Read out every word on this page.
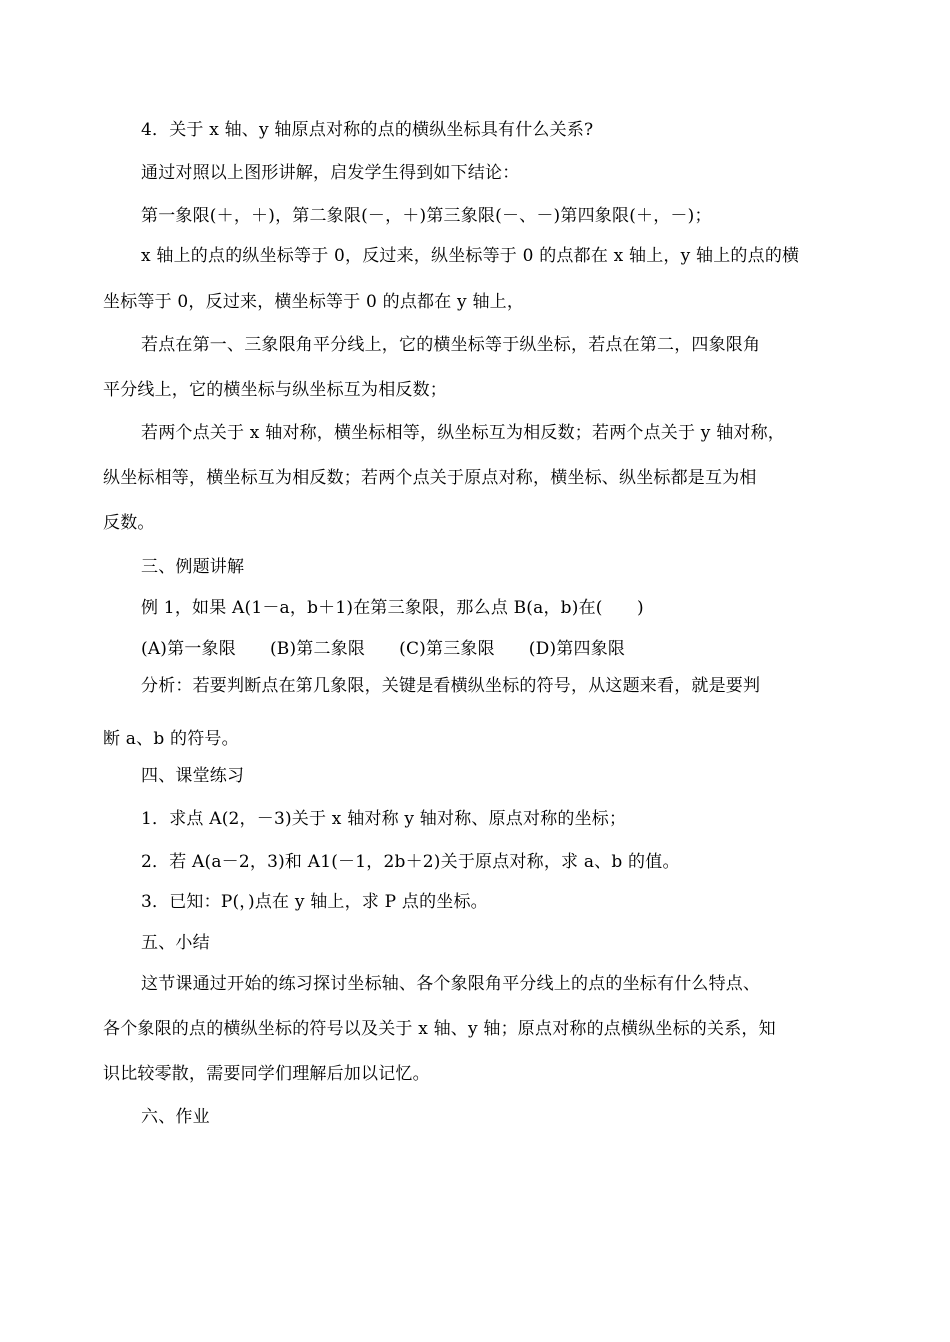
4．关于 x 轴、y 轴原点对称的点的横纵坐标具有什么关系?
通过对照以上图形讲解，启发学生得到如下结论：
第一象限(＋，＋)，第二象限(－，＋)第三象限(－、－)第四象限(＋，－)；
x 轴上的点的纵坐标等于 0，反过来，纵坐标等于 0 的点都在 x 轴上，y 轴上的点的横
坐标等于 0，反过来，横坐标等于 0 的点都在 y 轴上，
若点在第一、三象限角平分线上，它的横坐标等于纵坐标，若点在第二，四象限角
平分线上，它的横坐标与纵坐标互为相反数；
若两个点关于 x 轴对称，横坐标相等，纵坐标互为相反数；若两个点关于 y 轴对称，
纵坐标相等，横坐标互为相反数；若两个点关于原点对称，横坐标、纵坐标都是互为相
反数。
三、例题讲解
例 1，如果 A(1－a，b＋1)在第三象限，那么点 B(a，b)在(　　)
(A)第一象限 (B)第二象限 (C)第三象限 (D)第四象限
分析：若要判断点在第几象限，关键是看横纵坐标的符号，从这题来看，就是要判
断 a、b 的符号。
四、课堂练习
1．求点 A(2，－3)关于 x 轴对称 y 轴对称、原点对称的坐标；
2．若 A(a－2，3)和 A1(－1，2b＋2)关于原点对称，求 a、b 的值。
3．已知：P(，)点在 y 轴上，求 P 点的坐标。
五、小结
这节课通过开始的练习探讨坐标轴、各个象限角平分线上的点的坐标有什么特点、
各个象限的点的横纵坐标的符号以及关于 x 轴、y 轴；原点对称的点横纵坐标的关系，知
识比较零散，需要同学们理解后加以记忆。
六、作业
